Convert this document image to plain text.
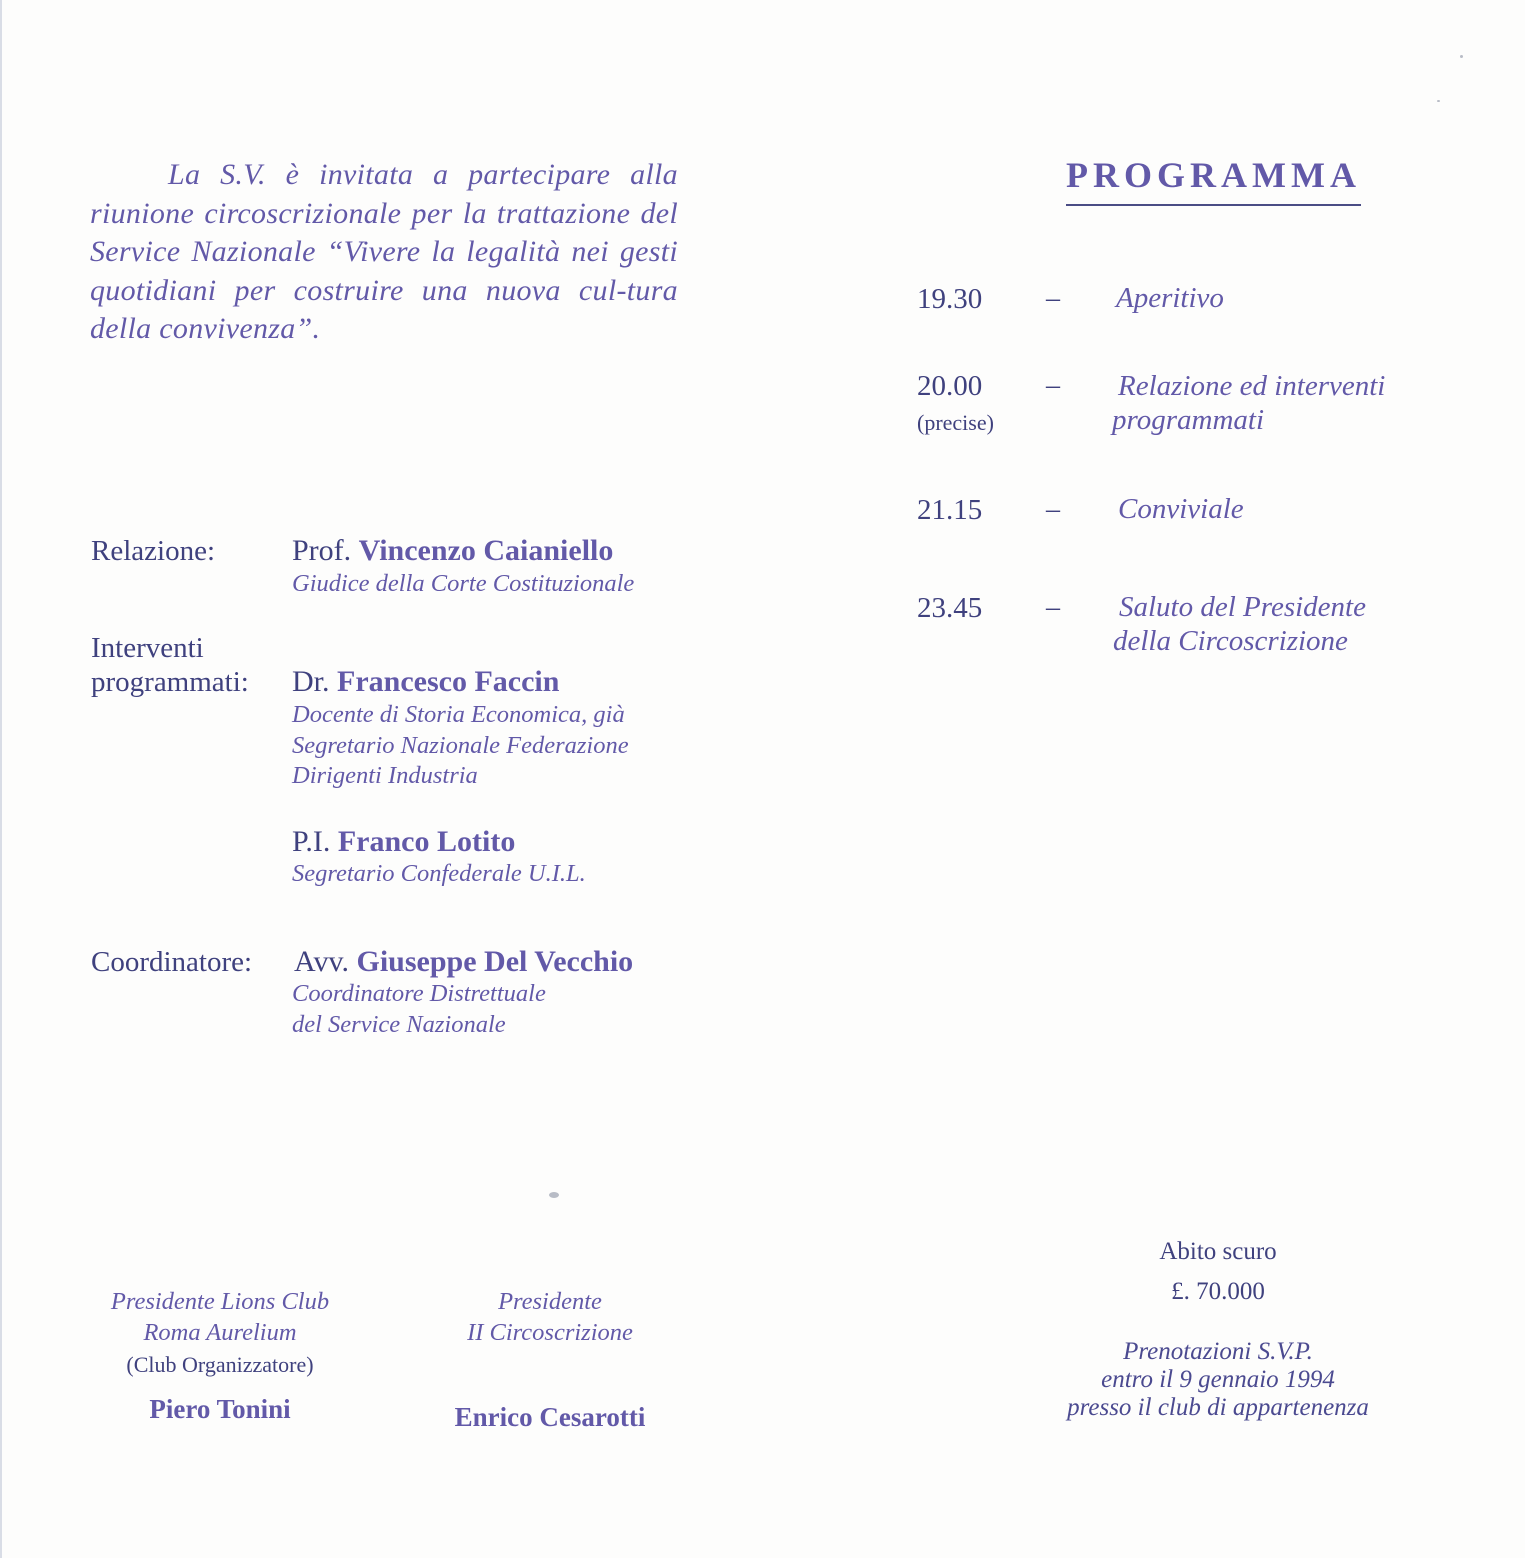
La S.V. è invitata a partecipare alla riunione circoscrizionale per la trattazione del Service Nazionale “Vivere la legalità nei gesti quotidiani per costruire una nuova cul-tura della convivenza”.
Relazione:	Prof. Vincenzo Caianiello
Giudice della Corte Costituzionale
Interventi
programmati: Dr. Francesco Faccin
Docente di Storia Economica, già
Segretario Nazionale Federazione
Dirigenti Industria
P.I. Franco Lotito
Segretario Confederale U.I.L.
Coordinatore: Avv. Giuseppe Del Vecchio
Coordinatore Distrettuale
del Service Nazionale
Presidente Lions Club
Roma Aurelium
(Club Organizzatore)
Piero Tonini
Presidente
II Circoscrizione
Enrico Cesarotti
PROGRAMMA
19.30 – Aperitivo
20.00
(precise)
– Relazione ed interventi
programmati
21.15 – Conviviale
23.45 – Saluto del Presidente
della Circoscrizione
Abito scuro
£. 70.000
Prenotazioni S.V.P.
entro il 9 gennaio 1994
presso il club di appartenenza
